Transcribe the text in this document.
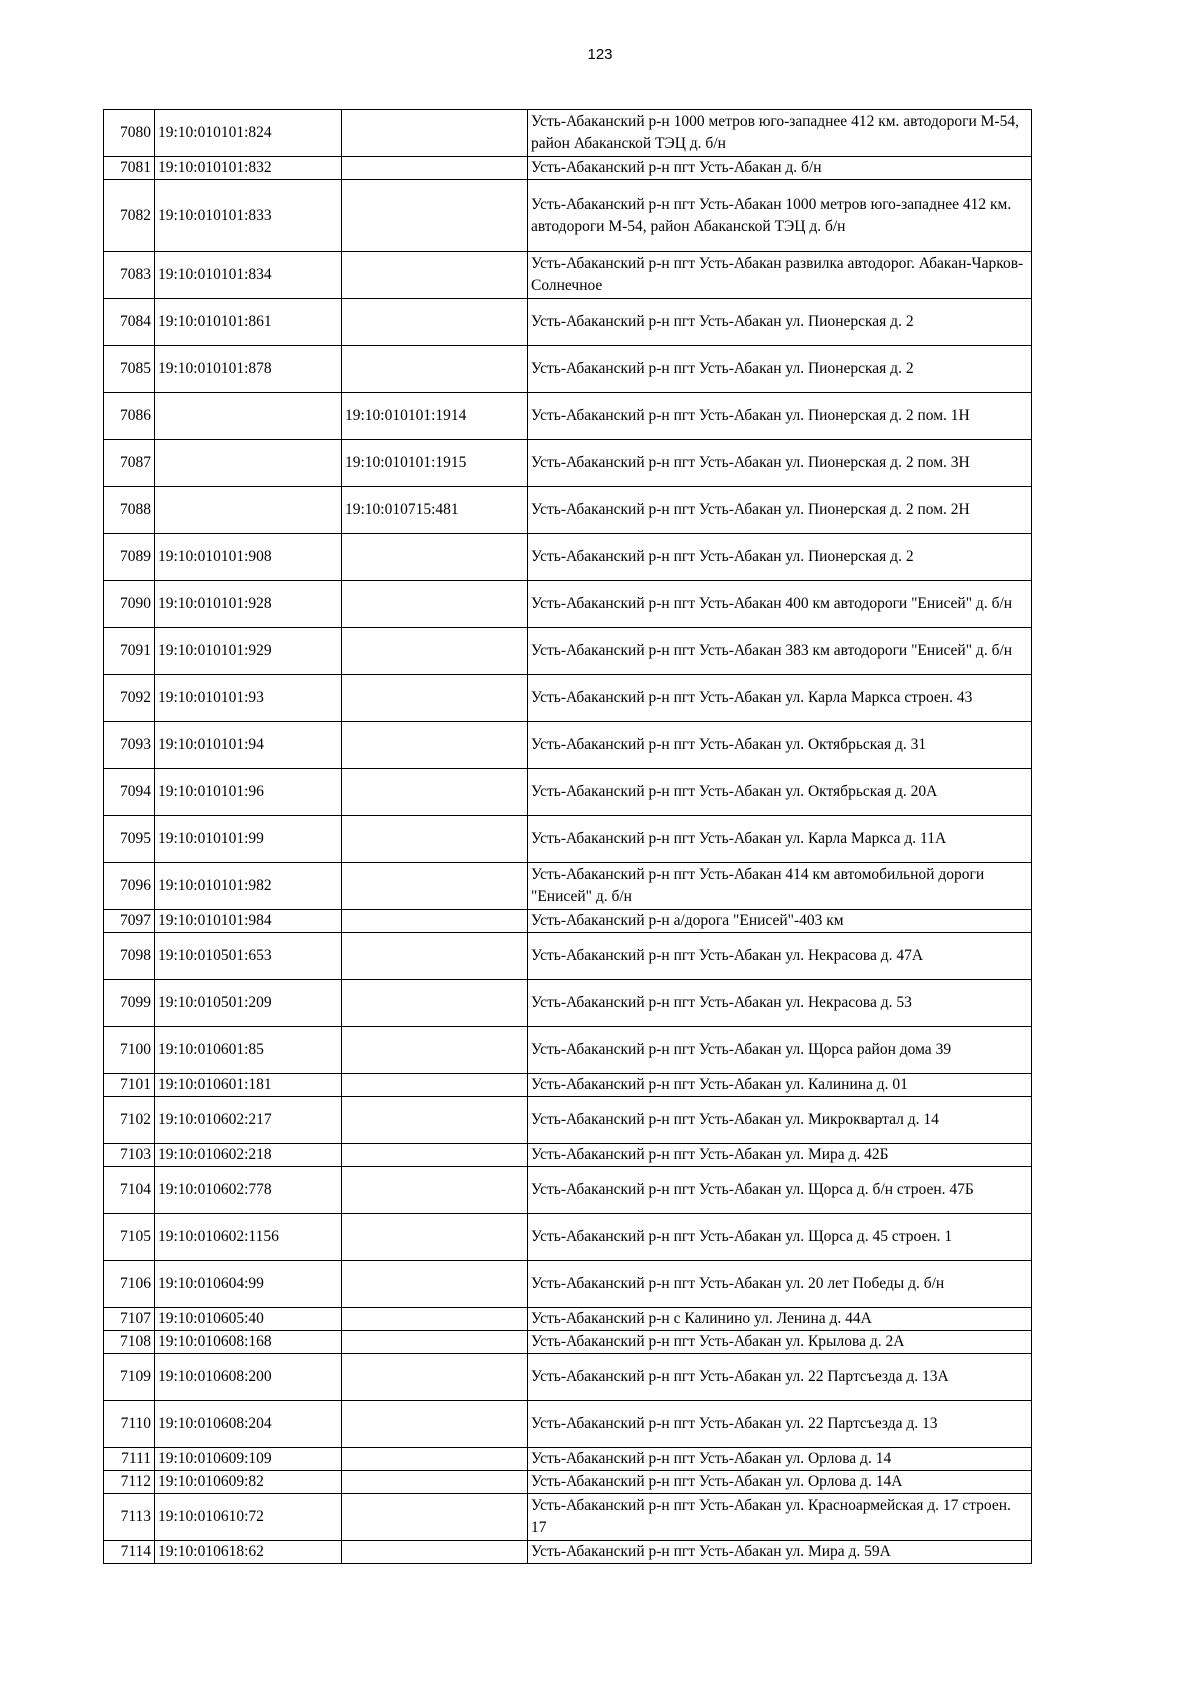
123
7080	19:10:010101:824		Усть-Абаканский р-н 1000 метров юго-западнее 412 км. автодороги М-54, район Абаканской ТЭЦ д. б/н
7081	19:10:010101:832		Усть-Абаканский р-н пгт Усть-Абакан д. б/н
7082	19:10:010101:833		Усть-Абаканский р-н пгт Усть-Абакан 1000 метров юго-западнее 412 км. автодороги М-54, район Абаканской ТЭЦ д. б/н
7083	19:10:010101:834		Усть-Абаканский р-н пгт Усть-Абакан развилка автодорог. Абакан-Чарков-Солнечное
7084	19:10:010101:861		Усть-Абаканский р-н пгт Усть-Абакан ул. Пионерская д. 2
7085	19:10:010101:878		Усть-Абаканский р-н пгт Усть-Абакан ул. Пионерская д. 2
7086		19:10:010101:1914	Усть-Абаканский р-н пгт Усть-Абакан ул. Пионерская д. 2 пом. 1Н
7087		19:10:010101:1915	Усть-Абаканский р-н пгт Усть-Абакан ул. Пионерская д. 2 пом. 3Н
7088		19:10:010715:481	Усть-Абаканский р-н пгт Усть-Абакан ул. Пионерская д. 2 пом. 2Н
7089	19:10:010101:908		Усть-Абаканский р-н пгт Усть-Абакан ул. Пионерская д. 2
7090	19:10:010101:928		Усть-Абаканский р-н пгт Усть-Абакан 400 км автодороги "Енисей" д. б/н
7091	19:10:010101:929		Усть-Абаканский р-н пгт Усть-Абакан 383 км автодороги "Енисей" д. б/н
7092	19:10:010101:93		Усть-Абаканский р-н пгт Усть-Абакан ул. Карла Маркса строен. 43
7093	19:10:010101:94		Усть-Абаканский р-н пгт Усть-Абакан ул. Октябрьская д. 31
7094	19:10:010101:96		Усть-Абаканский р-н пгт Усть-Абакан ул. Октябрьская д. 20А
7095	19:10:010101:99		Усть-Абаканский р-н пгт Усть-Абакан ул. Карла Маркса д. 11А
7096	19:10:010101:982		Усть-Абаканский р-н пгт Усть-Абакан 414 км автомобильной дороги "Енисей" д. б/н
7097	19:10:010101:984		Усть-Абаканский р-н а/дорога "Енисей"-403 км
7098	19:10:010501:653		Усть-Абаканский р-н пгт Усть-Абакан ул. Некрасова д. 47А
7099	19:10:010501:209		Усть-Абаканский р-н пгт Усть-Абакан ул. Некрасова д. 53
7100	19:10:010601:85		Усть-Абаканский р-н пгт Усть-Абакан ул. Щорса район дома 39
7101	19:10:010601:181		Усть-Абаканский р-н пгт Усть-Абакан ул. Калинина д. 01
7102	19:10:010602:217		Усть-Абаканский р-н пгт Усть-Абакан ул. Микроквартал д. 14
7103	19:10:010602:218		Усть-Абаканский р-н пгт Усть-Абакан ул. Мира д. 42Б
7104	19:10:010602:778		Усть-Абаканский р-н пгт Усть-Абакан ул. Щорса д. б/н строен. 47Б
7105	19:10:010602:1156		Усть-Абаканский р-н пгт Усть-Абакан ул. Щорса д. 45 строен. 1
7106	19:10:010604:99		Усть-Абаканский р-н пгт Усть-Абакан ул. 20 лет Победы д. б/н
7107	19:10:010605:40		Усть-Абаканский р-н с Калинино ул. Ленина д. 44А
7108	19:10:010608:168		Усть-Абаканский р-н пгт Усть-Абакан ул. Крылова д. 2А
7109	19:10:010608:200		Усть-Абаканский р-н пгт Усть-Абакан ул. 22 Партсъезда д. 13А
7110	19:10:010608:204		Усть-Абаканский р-н пгт Усть-Абакан ул. 22 Партсъезда д. 13
7111	19:10:010609:109		Усть-Абаканский р-н пгт Усть-Абакан ул. Орлова д. 14
7112	19:10:010609:82		Усть-Абаканский р-н пгт Усть-Абакан ул. Орлова д. 14А
7113	19:10:010610:72		Усть-Абаканский р-н пгт Усть-Абакан ул. Красноармейская д. 17 строен. 17
7114	19:10:010618:62		Усть-Абаканский р-н пгт Усть-Абакан ул. Мира д. 59А
